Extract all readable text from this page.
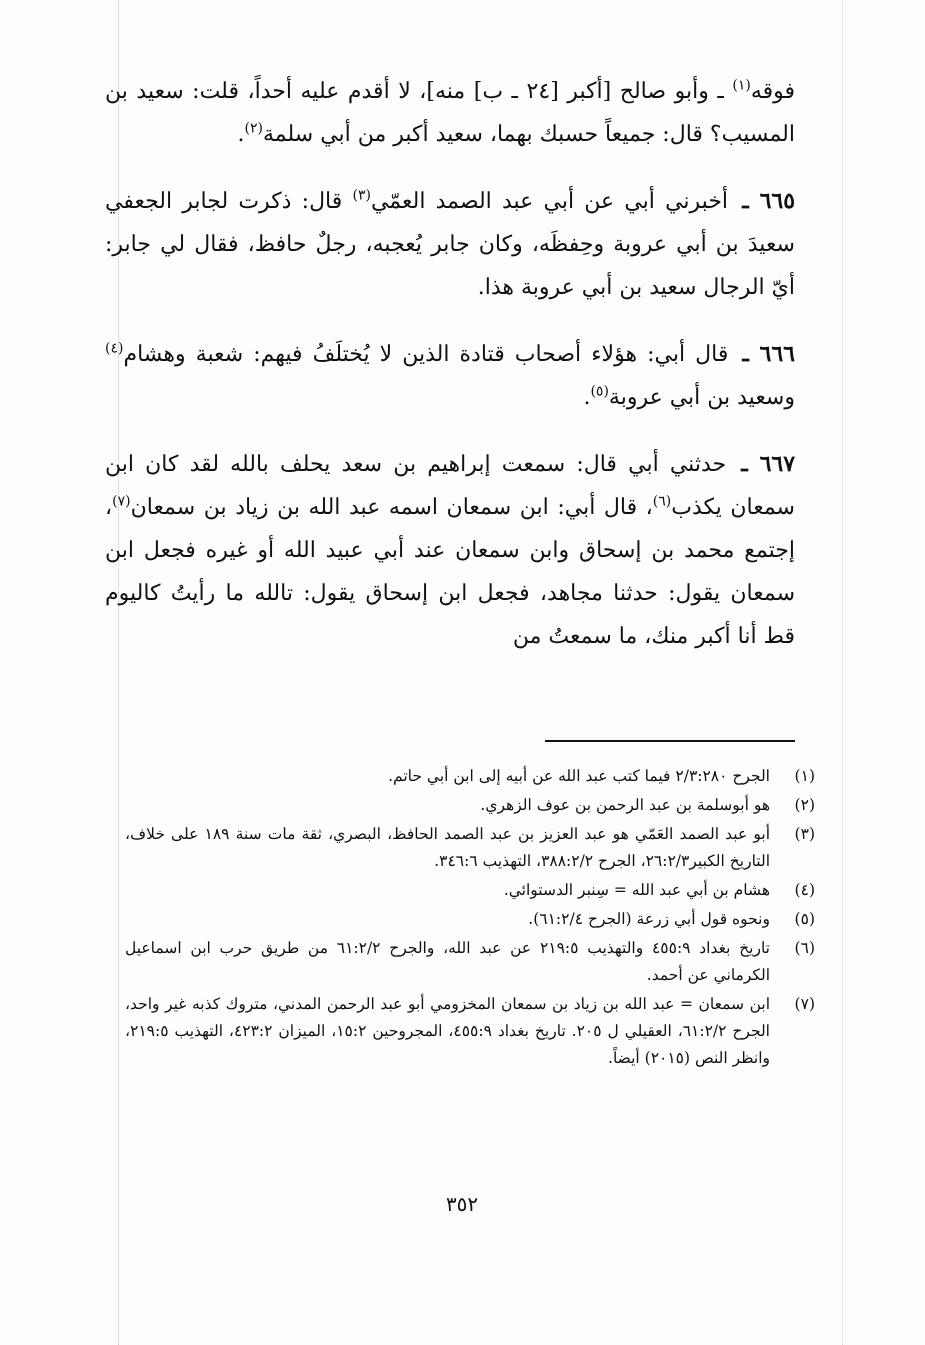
فوقه$^{(١)}$ ـ وأبو صالح [أكبر [٢٤ ـ ب] منه]، لا أقدم عليه أحداً، قلت: سعيد بن المسيب؟ قال: جميعاً حسبك بهما، سعيد أكبر من أبي سلمة$^{(٢)}$.

٦٦٥ ـ أخبرني أبي عن أبي عبد الصمد العمّي$^{(٣)}$ قال: ذكرت لجابر الجعفي سعيدَ بن أبي عروبة وحِفظَه، وكان جابر يُعجبه، رجلٌ حافظ، فقال لي جابر: أيّ الرجال سعيد بن أبي عروبة هذا.

٦٦٦ ـ قال أبي: هؤلاء أصحاب قتادة الذين لا يُختلَفُ فيهم: شعبة وهشام$^{(٤)}$ وسعيد بن أبي عروبة$^{(٥)}$.

٦٦٧ ـ حدثني أبي قال: سمعت إبراهيم بن سعد يحلف بالله لقد كان ابن سمعان يكذب$^{(٦)}$، قال أبي: ابن سمعان اسمه عبد الله بن زياد بن سمعان$^{(٧)}$، إجتمع محمد بن إسحاق وابن سمعان عند أبي عبيد الله أو غيره فجعل ابن سمعان يقول: حدثنا مجاهد، فجعل ابن إسحاق يقول: تالله ما رأيتُ كاليوم قط أنا أكبر منك، ما سمعتُ من

(١)
الجرح ٢/٣:٢٨٠ فيما كتب عبد الله عن أبيه إلى ابن أبي حاتم.
(٢)
هو أبوسلمة بن عبد الرحمن بن عوف الزهري.
(٣)
أبو عبد الصمد العَمّي هو عبد العزيز بن عبد الصمد الحافظ، البصري، ثقة مات سنة ١٨٩ على خلاف، التاريخ الكبير٢٦:٢/٣، الجرح ٣٨٨:٢/٢، التهذيب ٣٤٦:٦.
(٤)
هشام بن أبي عبد الله = سِنبر الدستوائي.
(٥)
ونحوه قول أبي زرعة (الجرح ٦١:٢/٤).
(٦)
تاريخ بغداد ٤٥٥:٩ والتهذيب ٢١٩:٥ عن عبد الله، والجرح ٦١:٢/٢ من طريق حرب ابن اسماعيل الكرماني عن أحمد.
(٧)
ابن سمعان = عبد الله بن زياد بن سمعان المخزومي أبو عبد الرحمن المدني، متروك كذبه غير واحد، الجرح ٦١:٢/٢، العقيلي ل ٢٠٥. تاريخ بغداد ٤٥٥:٩، المجروحين ١٥:٢، الميزان ٤٢٣:٢، التهذيب ٢١٩:٥، وانظر النص (٢٠١٥) أيضاً.
٣٥٢
